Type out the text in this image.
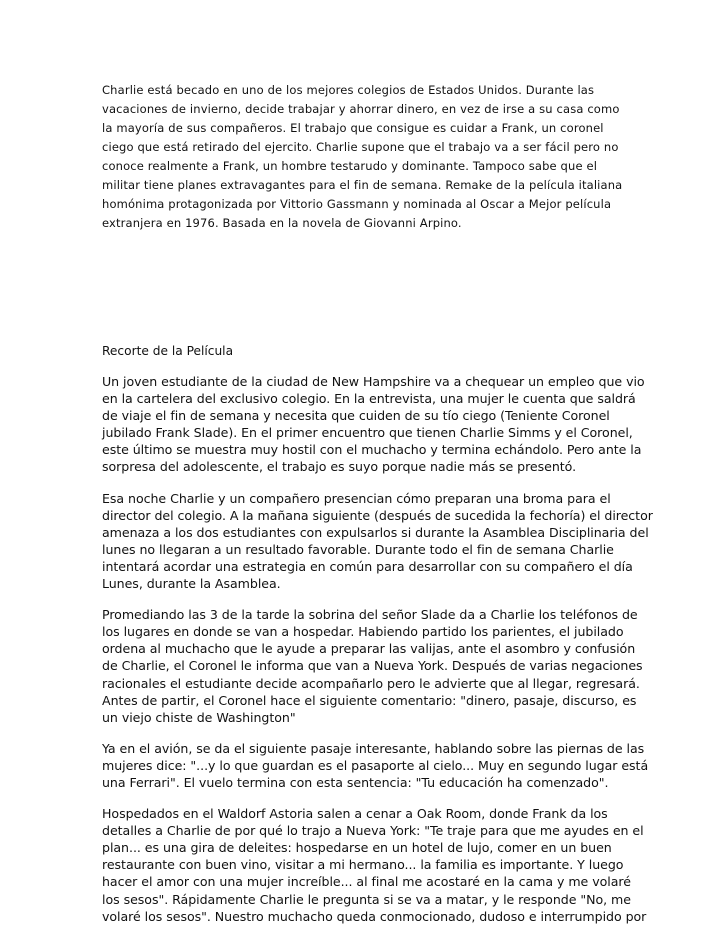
Charlie está becado en uno de los mejores colegios de Estados Unidos. Durante las
vacaciones de invierno, decide trabajar y ahorrar dinero, en vez de irse a su casa como
la mayoría de sus compañeros. El trabajo que consigue es cuidar a Frank, un coronel
ciego que está retirado del ejercito. Charlie supone que el trabajo va a ser fácil pero no
conoce realmente a Frank, un hombre testarudo y dominante. Tampoco sabe que el
militar tiene planes extravagantes para el fin de semana. Remake de la película italiana
homónima protagonizada por Vittorio Gassmann y nominada al Oscar a Mejor película
extranjera en 1976. Basada en la novela de Giovanni Arpino.

Recorte de la Película

Un joven estudiante de la ciudad de New Hampshire va a chequear un empleo que vio
en la cartelera del exclusivo colegio. En la entrevista, una mujer le cuenta que saldrá
de viaje el fin de semana y necesita que cuiden de su tío ciego (Teniente Coronel
jubilado Frank Slade). En el primer encuentro que tienen Charlie Simms y el Coronel,
este último se muestra muy hostil con el muchacho y termina echándolo. Pero ante la
sorpresa del adolescente, el trabajo es suyo porque nadie más se presentó.

Esa noche Charlie y un compañero presencian cómo preparan una broma para el
director del colegio. A la mañana siguiente (después de sucedida la fechoría) el director
amenaza a los dos estudiantes con expulsarlos si durante la Asamblea Disciplinaria del
lunes no llegaran a un resultado favorable. Durante todo el fin de semana Charlie
intentará acordar una estrategia en común para desarrollar con su compañero el día
Lunes, durante la Asamblea.

Promediando las 3 de la tarde la sobrina del señor Slade da a Charlie los teléfonos de
los lugares en donde se van a hospedar. Habiendo partido los parientes, el jubilado
ordena al muchacho que le ayude a preparar las valijas, ante el asombro y confusión
de Charlie, el Coronel le informa que van a Nueva York. Después de varias negaciones
racionales el estudiante decide acompañarlo pero le advierte que al llegar, regresará.
Antes de partir, el Coronel hace el siguiente comentario: "dinero, pasaje, discurso, es
un viejo chiste de Washington"

Ya en el avión, se da el siguiente pasaje interesante, hablando sobre las piernas de las
mujeres dice: "...y lo que guardan es el pasaporte al cielo... Muy en segundo lugar está
una Ferrari". El vuelo termina con esta sentencia: "Tu educación ha comenzado".

Hospedados en el Waldorf Astoria salen a cenar a Oak Room, donde Frank da los
detalles a Charlie de por qué lo trajo a Nueva York: "Te traje para que me ayudes en el
plan... es una gira de deleites: hospedarse en un hotel de lujo, comer en un buen
restaurante con buen vino, visitar a mi hermano... la familia es importante. Y luego
hacer el amor con una mujer increíble... al final me acostaré en la cama y me volaré
los sesos". Rápidamente Charlie le pregunta si se va a matar, y le responde "No, me
volaré los sesos". Nuestro muchacho queda conmocionado, dudoso e interrumpido por
